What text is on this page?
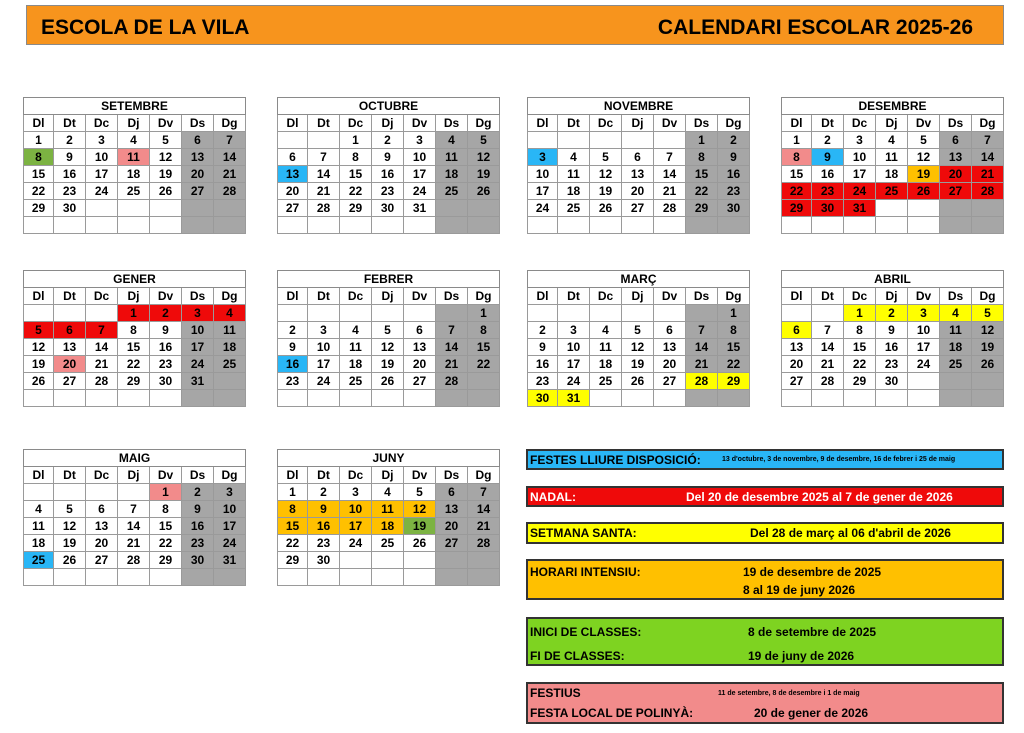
ESCOLA DE LA VILA	CALENDARI ESCOLAR 2025-26
SETEMBRE						
Dl	Dt	Dc	Dj	Dv	Ds	Dg
1	2	3	4	5	6	7
8	9	10	11	12	13	14
15	16	17	18	19	20	21
22	23	24	25	26	27	28
29	30					

OCTUBRE						
Dl	Dt	Dc	Dj	Dv	Ds	Dg
		1	2	3	4	5
6	7	8	9	10	11	12
13	14	15	16	17	18	19
20	21	22	23	24	25	26
27	28	29	30	31		

NOVEMBRE						
Dl	Dt	Dc	Dj	Dv	Ds	Dg
					1	2
3	4	5	6	7	8	9
10	11	12	13	14	15	16
17	18	19	20	21	22	23
24	25	26	27	28	29	30

DESEMBRE						
Dl	Dt	Dc	Dj	Dv	Ds	Dg
1	2	3	4	5	6	7
8	9	10	11	12	13	14
15	16	17	18	19	20	21
22	23	24	25	26	27	28
29	30	31				

GENER						
Dl	Dt	Dc	Dj	Dv	Ds	Dg
			1	2	3	4
5	6	7	8	9	10	11
12	13	14	15	16	17	18
19	20	21	22	23	24	25
26	27	28	29	30	31	

FEBRER						
Dl	Dt	Dc	Dj	Dv	Ds	Dg
						1
2	3	4	5	6	7	8
9	10	11	12	13	14	15
16	17	18	19	20	21	22
23	24	25	26	27	28	

MARÇ						
Dl	Dt	Dc	Dj	Dv	Ds	Dg
						1
2	3	4	5	6	7	8
9	10	11	12	13	14	15
16	17	18	19	20	21	22
23	24	25	26	27	28	29
30	31					
ABRIL						
Dl	Dt	Dc	Dj	Dv	Ds	Dg
		1	2	3	4	5
6	7	8	9	10	11	12
13	14	15	16	17	18	19
20	21	22	23	24	25	26
27	28	29	30			

MAIG						
Dl	Dt	Dc	Dj	Dv	Ds	Dg
				1	2	3
4	5	6	7	8	9	10
11	12	13	14	15	16	17
18	19	20	21	22	23	24
25	26	27	28	29	30	31

JUNY						
Dl	Dt	Dc	Dj	Dv	Ds	Dg
1	2	3	4	5	6	7
8	9	10	11	12	13	14
15	16	17	18	19	20	21
22	23	24	25	26	27	28
29	30					

FESTES LLIURE DISPOSICIÓ:	13 d'octubre, 3 de novembre, 9 de desembre, 16 de febrer i 25 de maig
NADAL:	Del 20 de desembre 2025 al 7 de gener de 2026
SETMANA SANTA:	Del 28 de març al 06 d'abril de 2026
HORARI INTENSIU:	19 de desembre de 2025
8 al 19 de juny 2026
INICI DE CLASSES:	8 de setembre de 2025
FI DE CLASSES:	19 de juny de 2026
FESTIUS	11 de setembre, 8 de desembre i 1 de maig
FESTA LOCAL DE POLINYÀ:	20 de gener de 2026
